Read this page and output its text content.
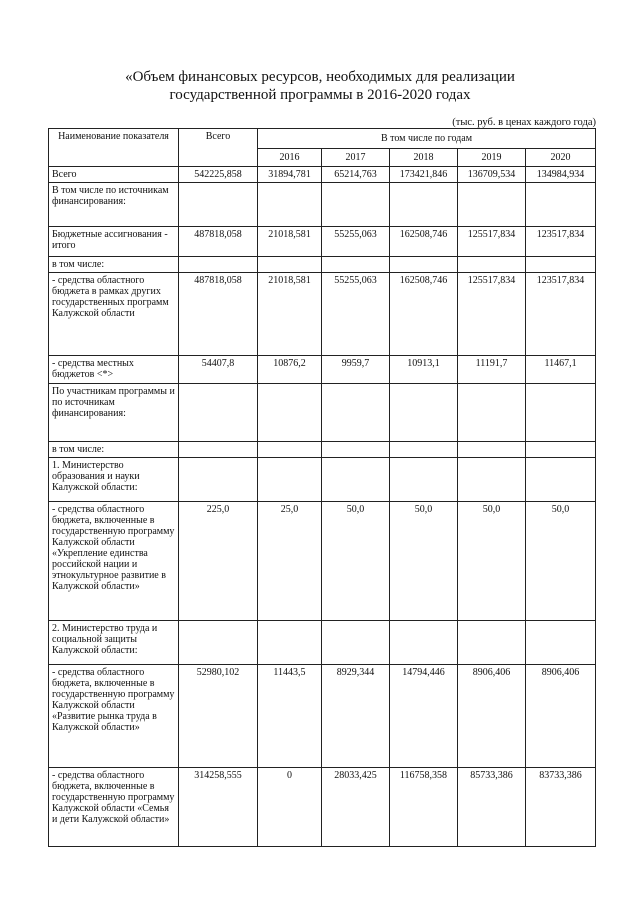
«Объем финансовых ресурсов, необходимых для реализации
государственной программы в 2016-2020 годах
(тыс. руб. в ценах каждого года)
Наименование показателя	Всего	В том числе по годам				
		2016	2017	2018	2019	2020
Всего	542225,858	31894,781	65214,763	173421,846	136709,534	134984,934
В том числе по источникам финансирования:						
Бюджетные ассигнования - итого	487818,058	21018,581	55255,063	162508,746	125517,834	123517,834
в том числе:						
- средства областного бюджета в рамках других государственных программ Калужской области	487818,058	21018,581	55255,063	162508,746	125517,834	123517,834
- средства местных бюджетов <*>	54407,8	10876,2	9959,7	10913,1	11191,7	11467,1
По участникам программы и по источникам финансирования:						
в том числе:						
1. Министерство образования и науки Калужской области:						
- средства областного бюджета, включенные в государственную программу Калужской области «Укрепление единства российской нации и этнокультурное развитие в Калужской области»	225,0	25,0	50,0	50,0	50,0	50,0
2. Министерство труда и социальной защиты Калужской области:						
- средства областного бюджета, включенные в государственную программу Калужской области «Развитие рынка труда в Калужской области»	52980,102	11443,5	8929,344	14794,446	8906,406	8906,406
- средства областного бюджета, включенные в государственную программу Калужской области «Семья и дети Калужской области»	314258,555	0	28033,425	116758,358	85733,386	83733,386
